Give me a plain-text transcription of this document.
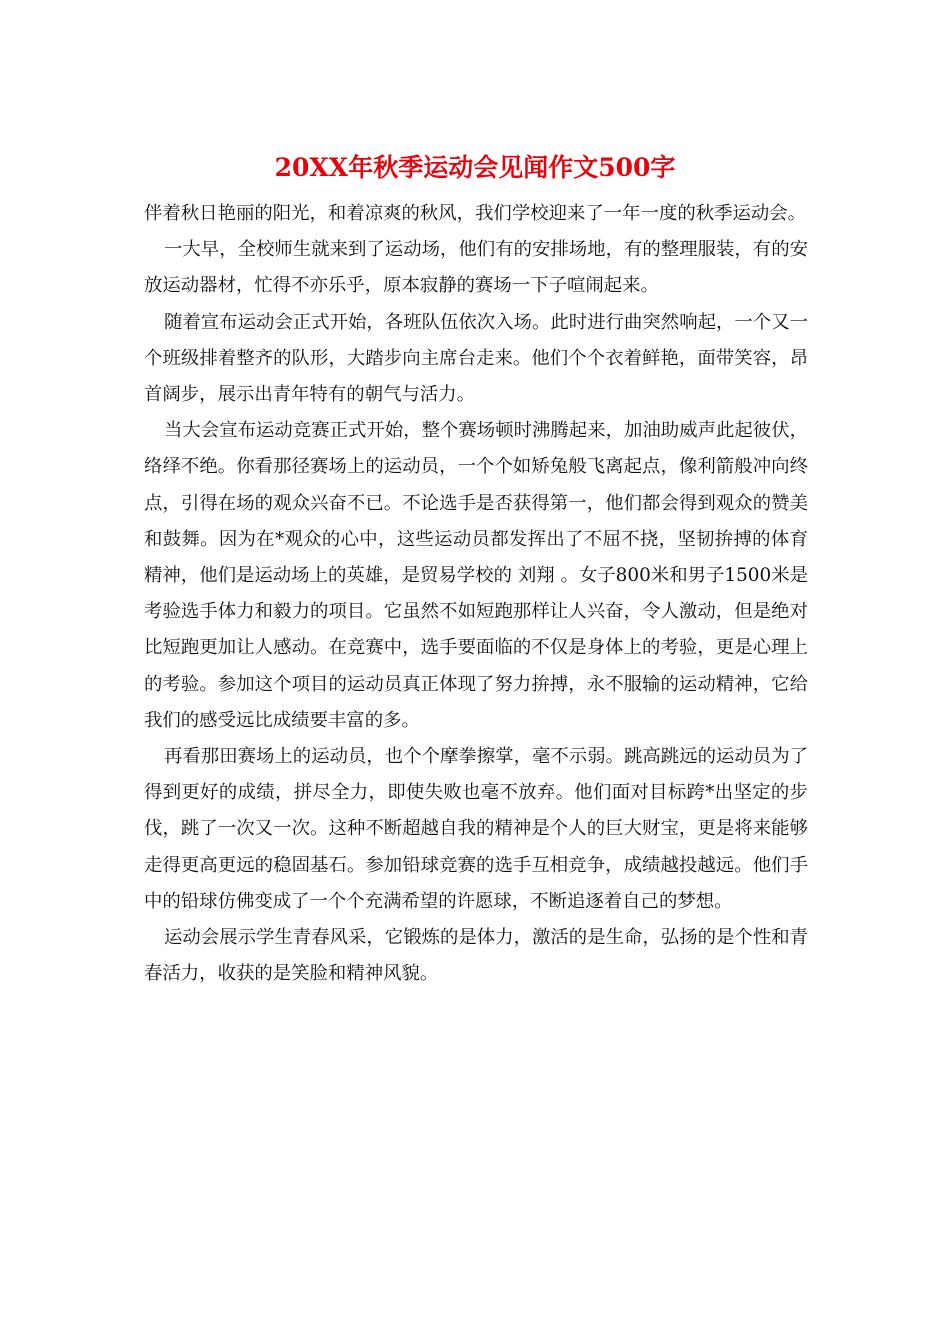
20XX年秋季运动会见闻作文500字

伴着秋日艳丽的阳光，和着凉爽的秋风，我们学校迎来了一年一度的秋季运动会。

一大早，全校师生就来到了运动场，他们有的安排场地，有的整理服装，有的安放运动器材，忙得不亦乐乎，原本寂静的赛场一下子喧闹起来。

随着宣布运动会正式开始，各班队伍依次入场。此时进行曲突然响起，一个又一个班级排着整齐的队形，大踏步向主席台走来。他们个个衣着鲜艳，面带笑容，昂首阔步，展示出青年特有的朝气与活力。

当大会宣布运动竞赛正式开始，整个赛场顿时沸腾起来，加油助威声此起彼伏，络绎不绝。你看那径赛场上的运动员，一个个如矫兔般飞离起点，像利箭般冲向终点，引得在场的观众兴奋不已。不论选手是否获得第一，他们都会得到观众的赞美和鼓舞。因为在*观众的心中，这些运动员都发挥出了不屈不挠，坚韧拚搏的体育精神，他们是运动场上的英雄，是贸易学校的 刘翔 。女子800米和男子1500米是考验选手体力和毅力的项目。它虽然不如短跑那样让人兴奋，令人激动，但是绝对比短跑更加让人感动。在竞赛中，选手要面临的不仅是身体上的考验，更是心理上的考验。参加这个项目的运动员真正体现了努力拚搏，永不服输的运动精神，它给我们的感受远比成绩要丰富的多。

再看那田赛场上的运动员，也个个摩拳擦掌，毫不示弱。跳高跳远的运动员为了得到更好的成绩，拼尽全力，即使失败也毫不放弃。他们面对目标跨*出坚定的步伐，跳了一次又一次。这种不断超越自我的精神是个人的巨大财宝，更是将来能够走得更高更远的稳固基石。参加铅球竞赛的选手互相竞争，成绩越投越远。他们手中的铅球仿佛变成了一个个充满希望的许愿球，不断追逐着自己的梦想。

运动会展示学生青春风采，它锻炼的是体力，激活的是生命，弘扬的是个性和青春活力，收获的是笑脸和精神风貌。
